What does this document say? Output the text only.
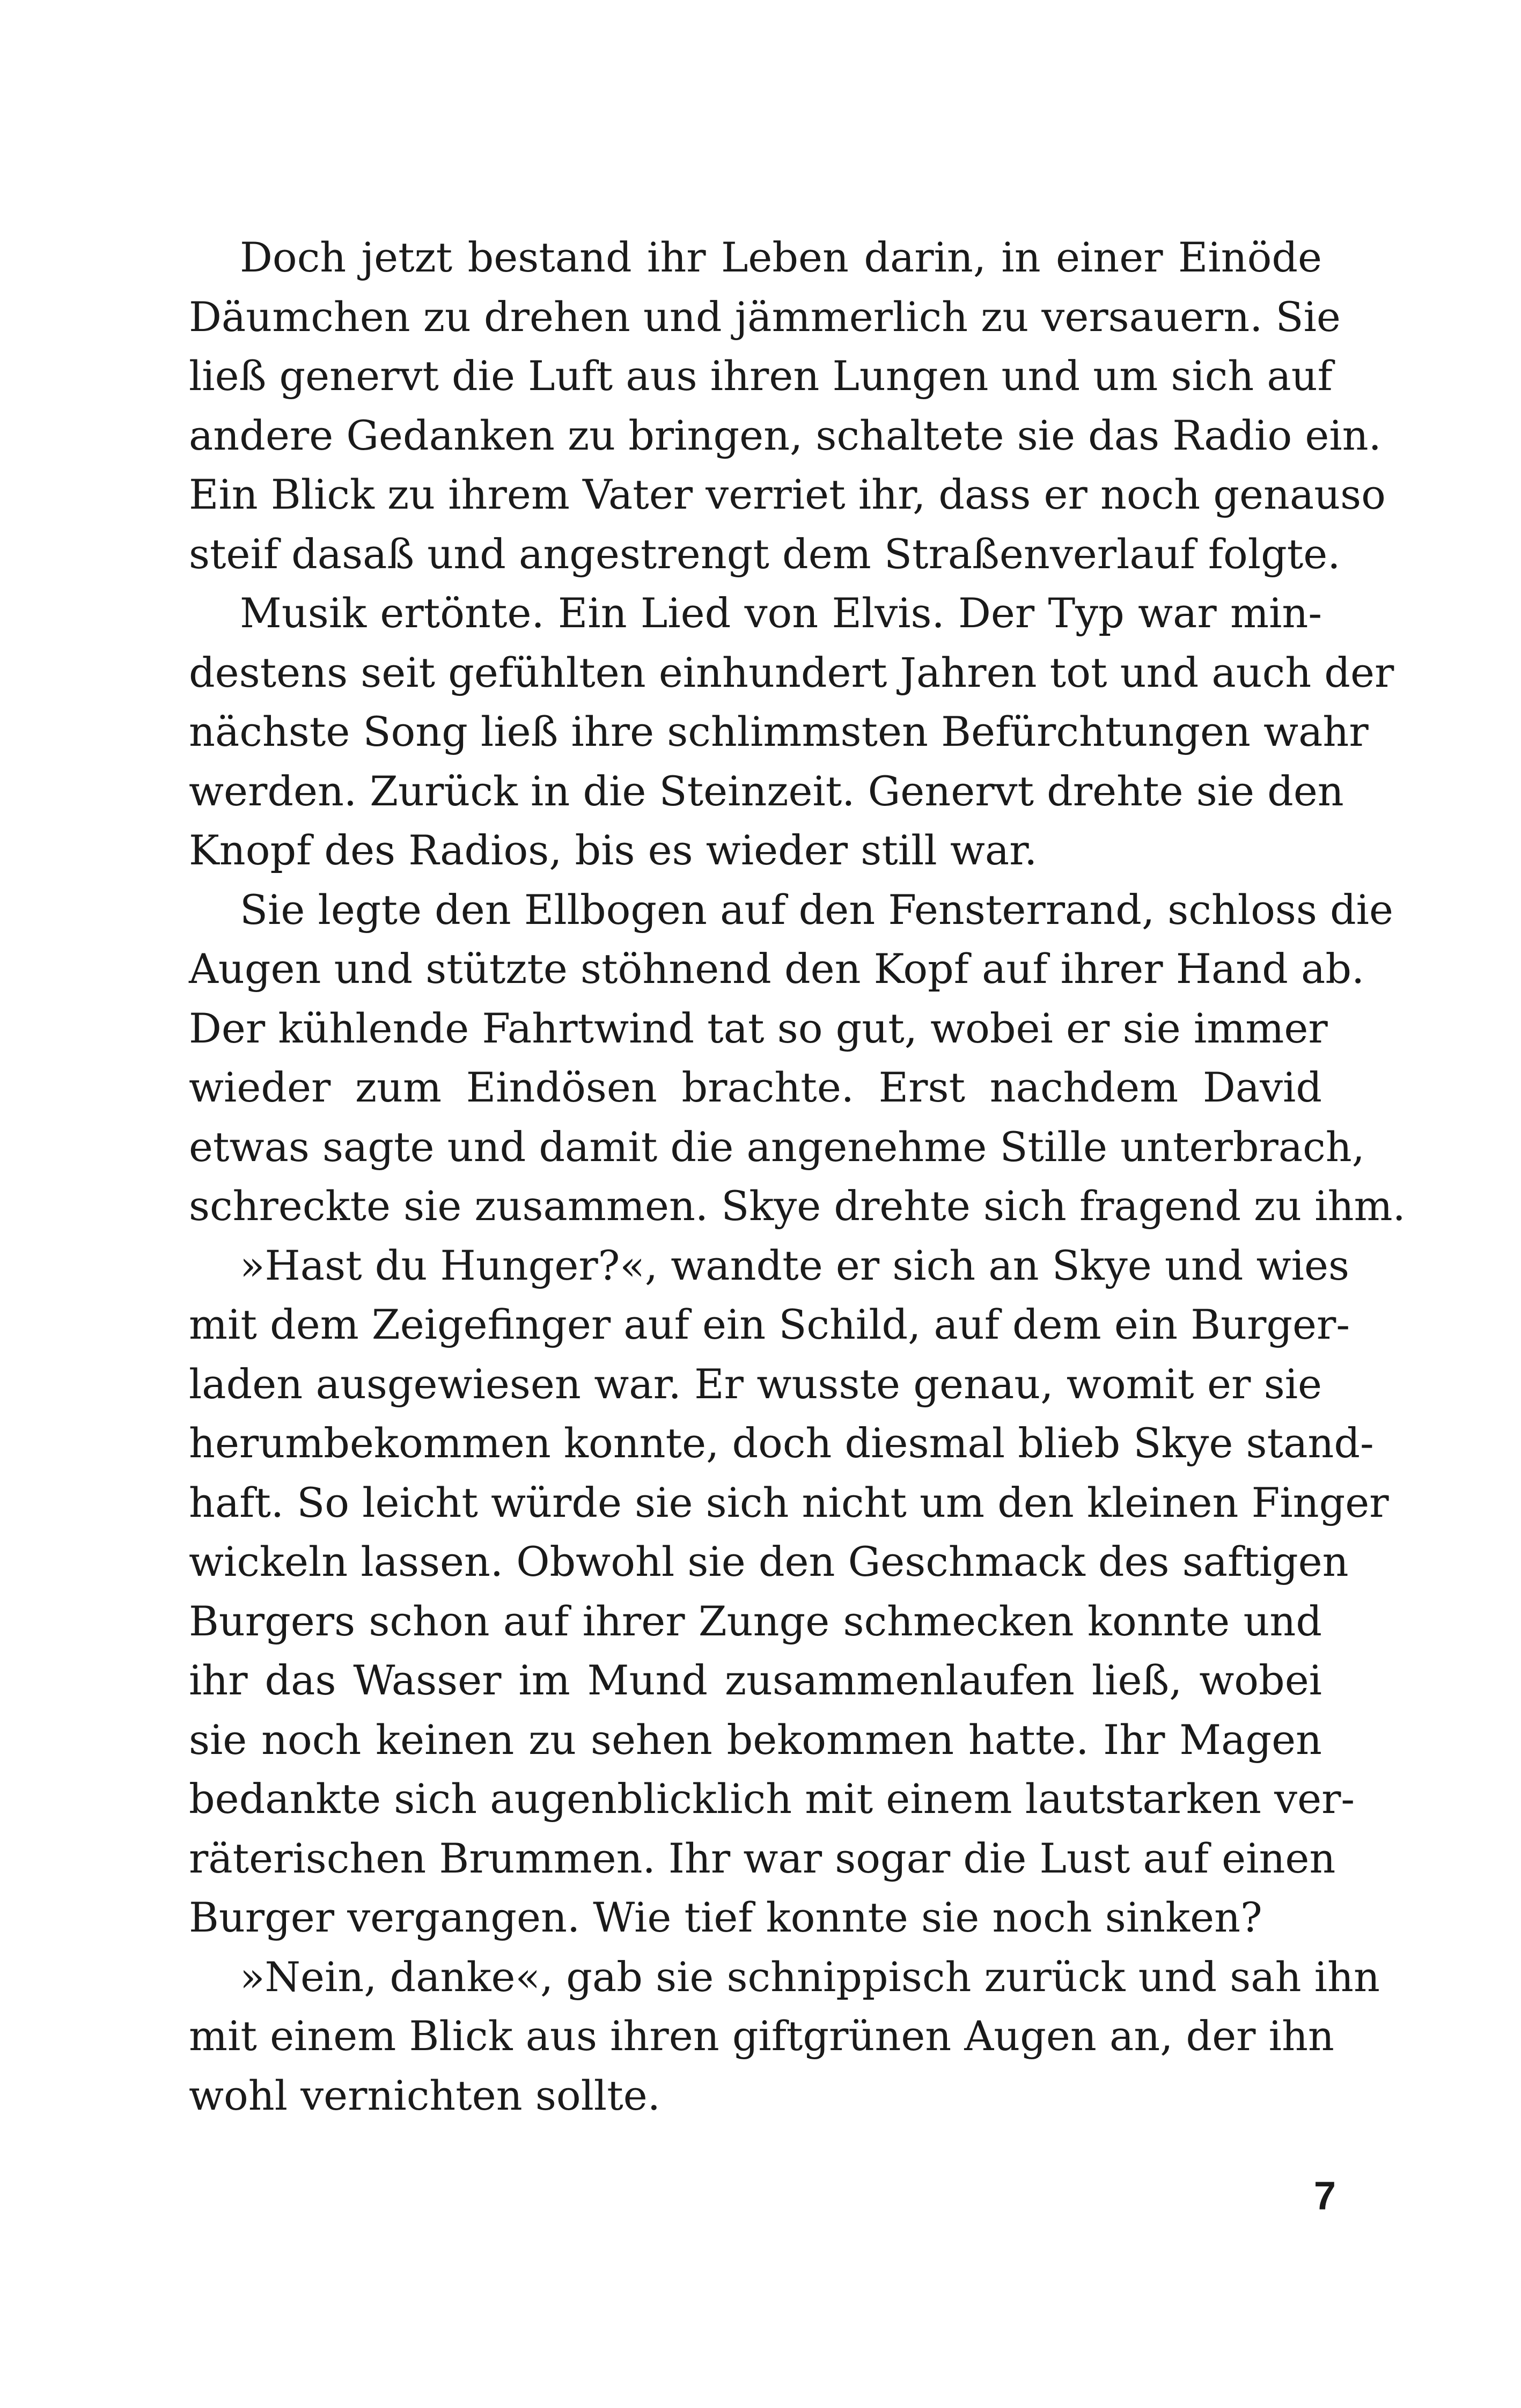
Doch jetzt bestand ihr Leben darin, in einer Einöde
Däumchen zu drehen und jämmerlich zu versauern. Sie
ließ genervt die Luft aus ihren Lungen und um sich auf
andere Gedanken zu bringen, schaltete sie das Radio ein.
Ein Blick zu ihrem Vater verriet ihr, dass er noch genauso
steif dasaß und angestrengt dem Straßenverlauf folgte.
Musik ertönte. Ein Lied von Elvis. Der Typ war min-
destens seit gefühlten einhundert Jahren tot und auch der
nächste Song ließ ihre schlimmsten Befürchtungen wahr
werden. Zurück in die Steinzeit. Genervt drehte sie den
Knopf des Radios, bis es wieder still war.
Sie legte den Ellbogen auf den Fensterrand, schloss die
Augen und stützte stöhnend den Kopf auf ihrer Hand ab.
Der kühlende Fahrtwind tat so gut, wobei er sie immer
wieder zum Eindösen brachte. Erst nachdem David
etwas sagte und damit die angenehme Stille unterbrach,
schreckte sie zusammen. Skye drehte sich fragend zu ihm.
»Hast du Hunger?«, wandte er sich an Skye und wies
mit dem Zeigefinger auf ein Schild, auf dem ein Burger-
laden ausgewiesen war. Er wusste genau, womit er sie
herumbekommen konnte, doch diesmal blieb Skye stand-
haft. So leicht würde sie sich nicht um den kleinen Finger
wickeln lassen. Obwohl sie den Geschmack des saftigen
Burgers schon auf ihrer Zunge schmecken konnte und
ihr das Wasser im Mund zusammenlaufen ließ, wobei
sie noch keinen zu sehen bekommen hatte. Ihr Magen
bedankte sich augenblicklich mit einem lautstarken ver-
räterischen Brummen. Ihr war sogar die Lust auf einen
Burger vergangen. Wie tief konnte sie noch sinken?
»Nein, danke«, gab sie schnippisch zurück und sah ihn
mit einem Blick aus ihren giftgrünen Augen an, der ihn
wohl vernichten sollte.
7
